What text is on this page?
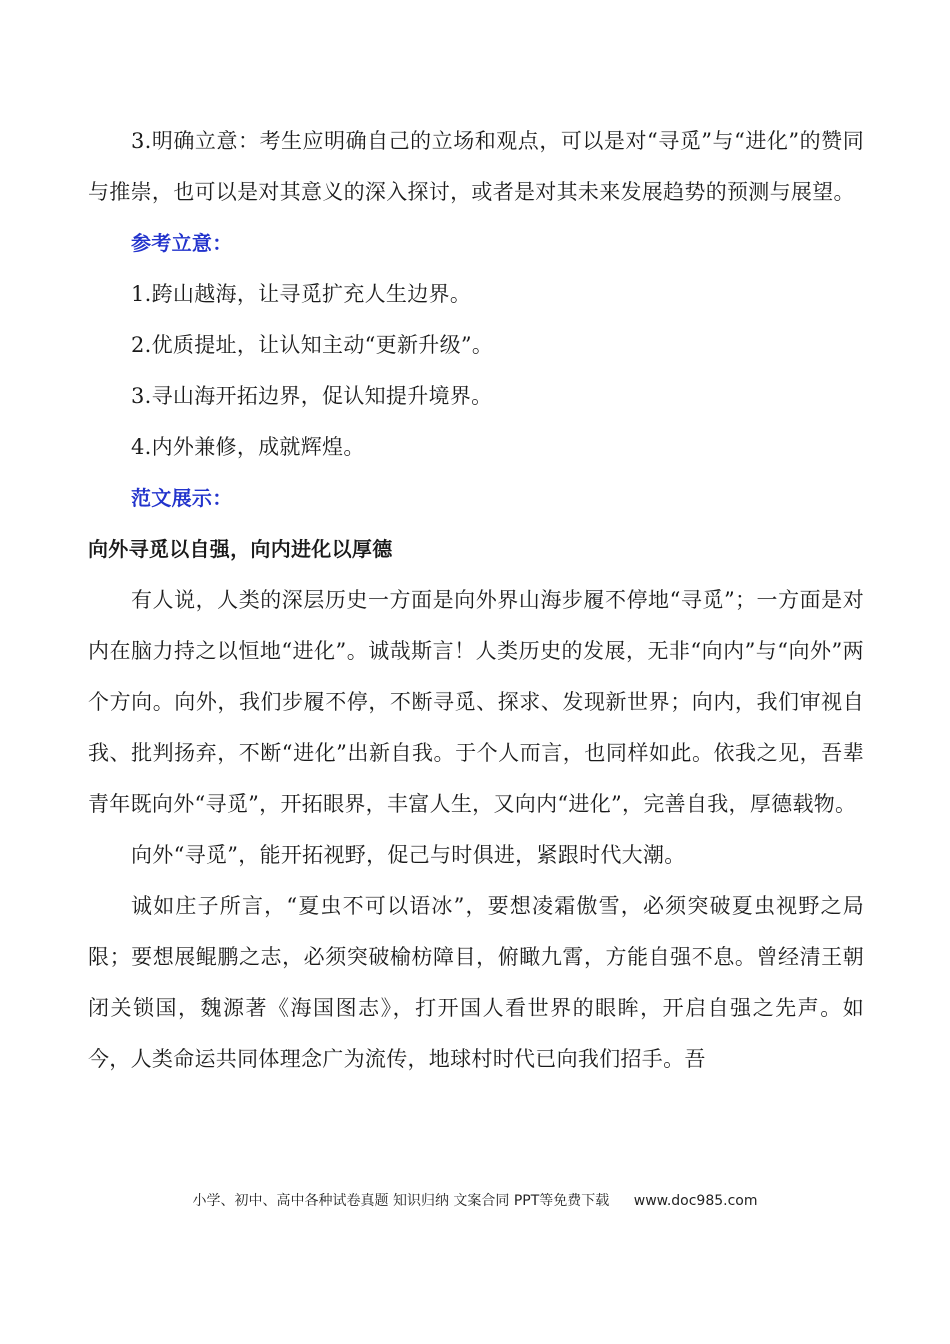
3.明确立意：考生应明确自己的立场和观点，可以是对“寻觅”与“进化”的赞同与推崇，也可以是对其意义的深入探讨，或者是对其未来发展趋势的预测与展望。

参考立意：

1.跨山越海，让寻觅扩充人生边界。

2.优质提址，让认知主动“更新升级”。

3.寻山海开拓边界，促认知提升境界。

4.内外兼修，成就辉煌。

范文展示：

向外寻觅以自强，向内进化以厚德

有人说，人类的深层历史一方面是向外界山海步履不停地“寻觅”；一方面是对内在脑力持之以恒地“进化”。诚哉斯言！人类历史的发展，无非“向内”与“向外”两个方向。向外，我们步履不停，不断寻觅、探求、发现新世界；向内，我们审视自我、批判扬弃，不断“进化”出新自我。于个人而言，也同样如此。依我之见，吾辈青年既向外“寻觅”，开拓眼界，丰富人生，又向内“进化”，完善自我，厚德载物。

向外“寻觅”，能开拓视野，促己与时俱进，紧跟时代大潮。

诚如庄子所言，“夏虫不可以语冰”，要想凌霜傲雪，必须突破夏虫视野之局限；要想展鲲鹏之志，必须突破榆枋障目，俯瞰九霄，方能自强不息。曾经清王朝闭关锁国，魏源著《海国图志》，打开国人看世界的眼眸，开启自强之先声。如今，人类命运共同体理念广为流传，地球村时代已向我们招手。吾

小学、初中、高中各种试卷真题 知识归纳 文案合同 PPT等免费下载 www.doc985.com
